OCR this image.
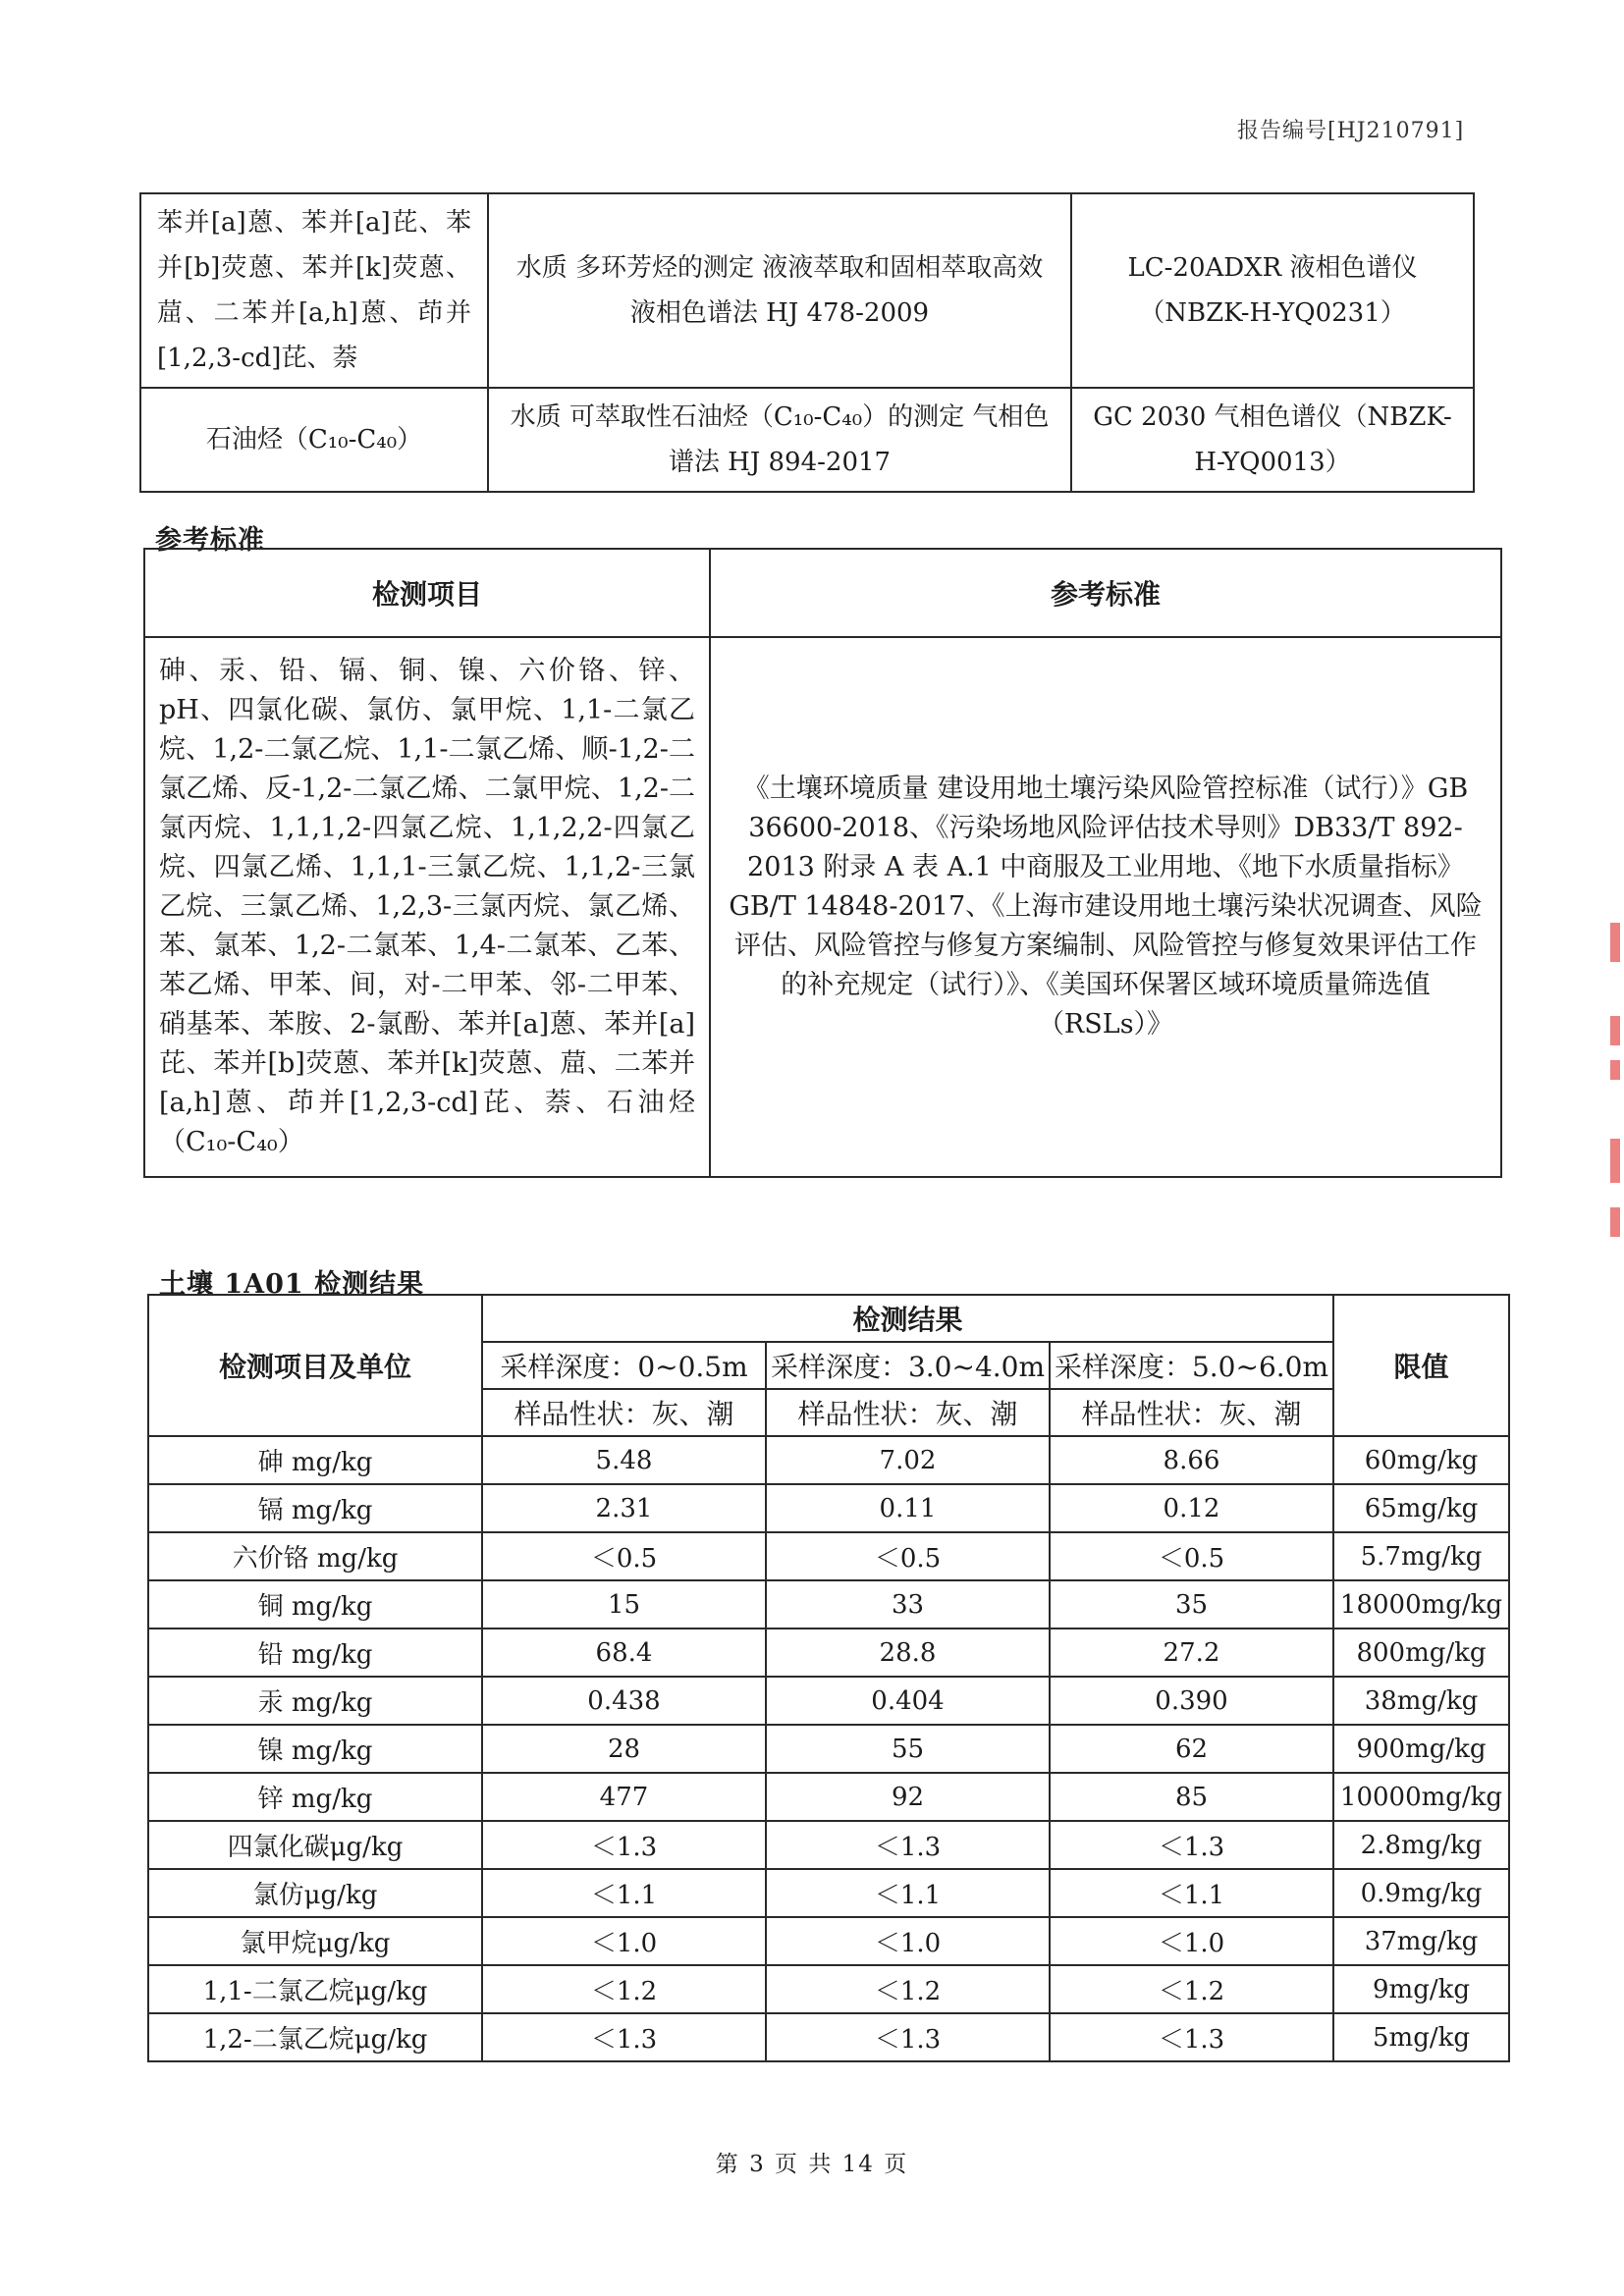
报告编号[HJ210791]
苯并[a]蒽、苯并[a]芘、苯并[b]荧蒽、苯并[k]荧蒽、䓛、二苯并[a,h]蒽、茚并[1,2,3-cd]芘、萘	水质 多环芳烃的测定 液液萃取和固相萃取高效液相色谱法 HJ 478-2009	LC-20ADXR 液相色谱仪（NBZK-H-YQ0231）
石油烃（C₁₀-C₄₀）	水质 可萃取性石油烃（C₁₀-C₄₀）的测定 气相色谱法 HJ 894-2017	GC 2030 气相色谱仪（NBZK-H-YQ0013）
参考标准
检测项目	参考标准
砷、汞、铅、镉、铜、镍、六价铬、锌、pH、四氯化碳、氯仿、氯甲烷、1,1-二氯乙烷、1,2-二氯乙烷、1,1-二氯乙烯、顺-1,2-二氯乙烯、反-1,2-二氯乙烯、二氯甲烷、1,2-二氯丙烷、1,1,1,2-四氯乙烷、1,1,2,2-四氯乙烷、四氯乙烯、1,1,1-三氯乙烷、1,1,2-三氯乙烷、三氯乙烯、1,2,3-三氯丙烷、氯乙烯、苯、氯苯、1,2-二氯苯、1,4-二氯苯、乙苯、苯乙烯、甲苯、间，对-二甲苯、邻-二甲苯、硝基苯、苯胺、2-氯酚、苯并[a]蒽、苯并[a]芘、苯并[b]荧蒽、苯并[k]荧蒽、䓛、二苯并[a,h]蒽、茚并[1,2,3-cd]芘、萘、石油烃（C₁₀-C₄₀）	《土壤环境质量 建设用地土壤污染风险管控标准（试行）》GB 36600-2018、《污染场地风险评估技术导则》DB33/T 892-2013 附录 A 表 A.1 中商服及工业用地、《地下水质量指标》GB/T 14848-2017、《上海市建设用地土壤污染状况调查、风险评估、风险管控与修复方案编制、风险管控与修复效果评估工作的补充规定（试行）》、《美国环保署区域环境质量筛选值（RSLs）》
土壤 1A01 检测结果
检测项目及单位	检测结果			限值
	采样深度：0~0.5m	采样深度：3.0~4.0m	采样深度：5.0~6.0m	
	样品性状：灰、潮	样品性状：灰、潮	样品性状：灰、潮	
砷 mg/kg	5.48	7.02	8.66	60mg/kg
镉 mg/kg	2.31	0.11	0.12	65mg/kg
六价铬 mg/kg	＜0.5	＜0.5	＜0.5	5.7mg/kg
铜 mg/kg	15	33	35	18000mg/kg
铅 mg/kg	68.4	28.8	27.2	800mg/kg
汞 mg/kg	0.438	0.404	0.390	38mg/kg
镍 mg/kg	28	55	62	900mg/kg
锌 mg/kg	477	92	85	10000mg/kg
四氯化碳μg/kg	＜1.3	＜1.3	＜1.3	2.8mg/kg
氯仿μg/kg	＜1.1	＜1.1	＜1.1	0.9mg/kg
氯甲烷μg/kg	＜1.0	＜1.0	＜1.0	37mg/kg
1,1-二氯乙烷μg/kg	＜1.2	＜1.2	＜1.2	9mg/kg
1,2-二氯乙烷μg/kg	＜1.3	＜1.3	＜1.3	5mg/kg
第 3 页 共 14 页
